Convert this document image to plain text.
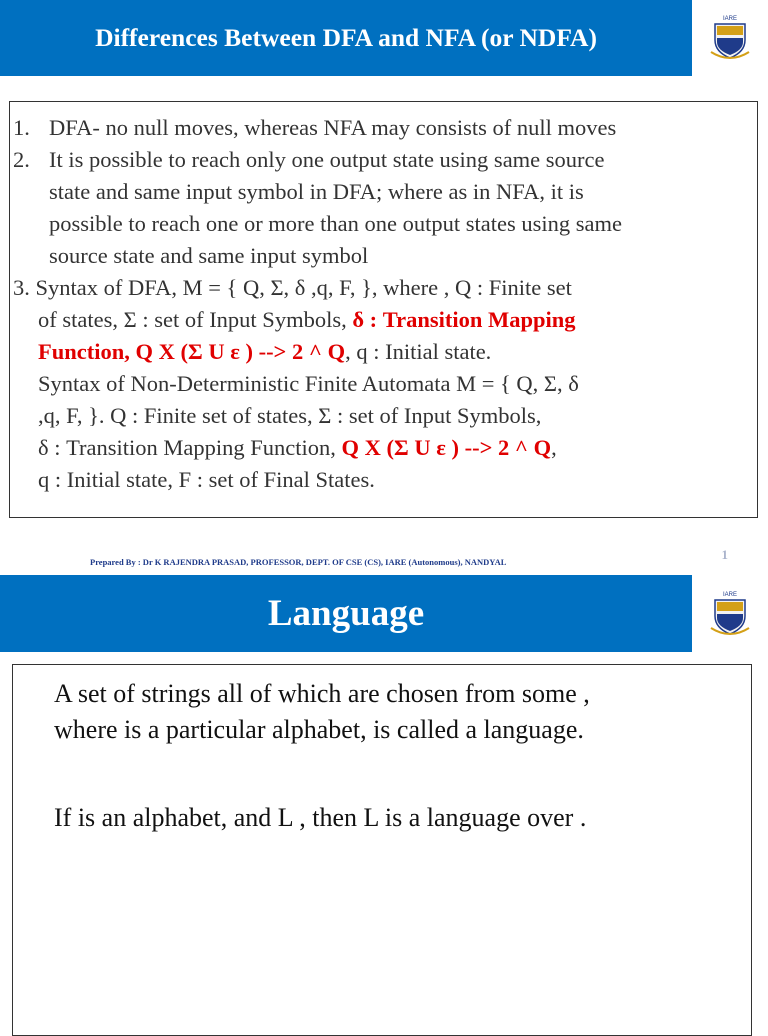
Differences Between DFA and NFA (or NDFA)
IARE
1. DFA- no null moves, whereas NFA may consists of null moves
2. It is possible to reach only one output state using same source
state and same input symbol in DFA; where as in NFA, it is
possible to reach one or more than one output states using same
source state and same input symbol
3. Syntax of DFA, M = { Q, Σ, δ ,q, F, }, where , Q : Finite set
of states, Σ : set of Input Symbols, δ : Transition Mapping
Function, Q X (Σ U ε ) --> 2 ^ Q, q : Initial state.
Syntax of Non-Deterministic Finite Automata M = { Q, Σ, δ
,q, F, }. Q : Finite set of states, Σ : set of Input Symbols,
δ : Transition Mapping Function, Q X (Σ U ε ) --> 2 ^ Q,
q : Initial state, F : set of Final States.
Prepared By : Dr K RAJENDRA PRASAD, PROFESSOR, DEPT. OF CSE (CS), IARE (Autonomous), NANDYAL	1
Language	IARE
A set of strings all of which are chosen from some ,
where is a particular alphabet, is called a language.
If is an alphabet, and L , then L is a language over .
